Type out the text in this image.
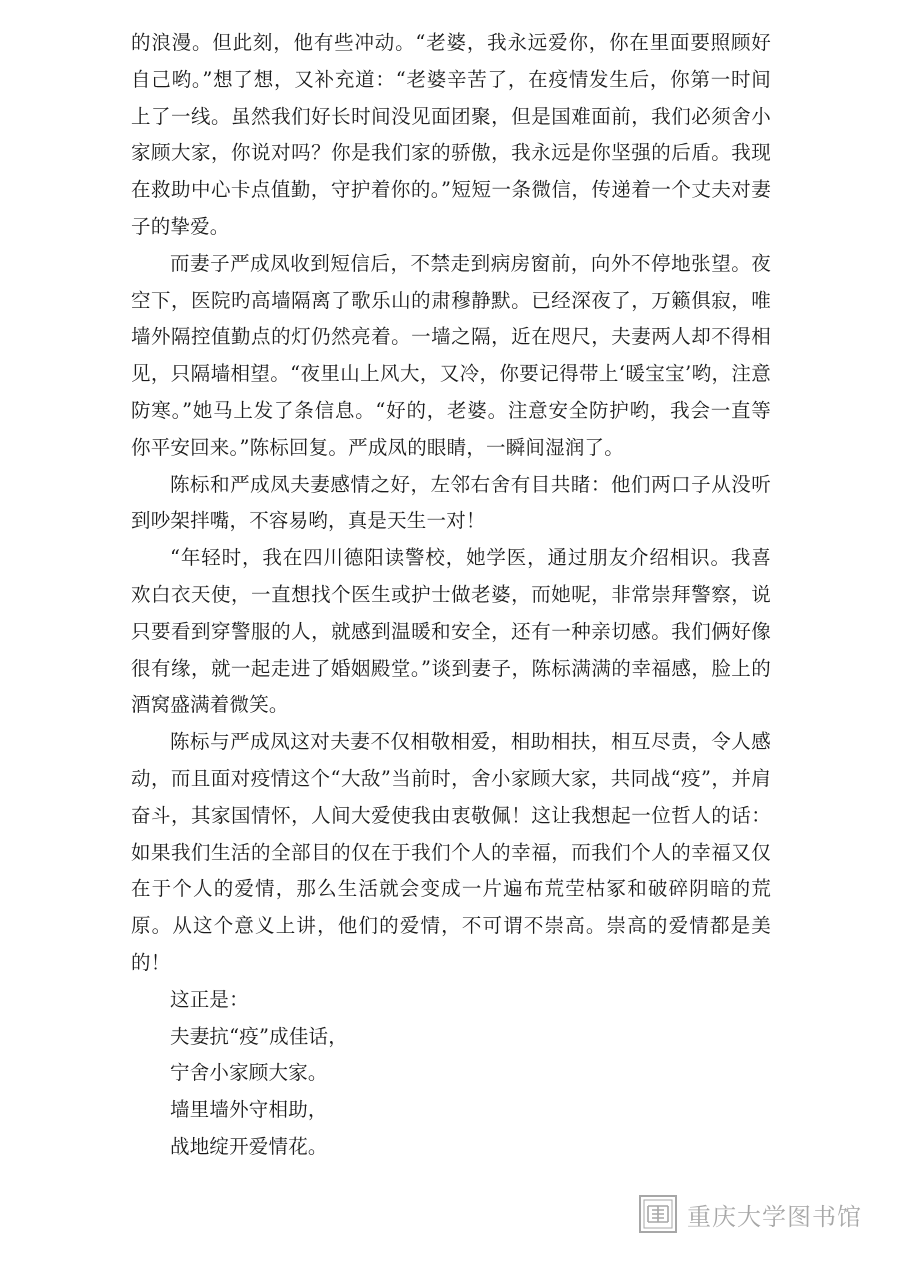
的浪漫。但此刻，他有些冲动。“老婆，我永远爱你，你在里面要照顾好自己哟。”想了想，又补充道：“老婆辛苦了，在疫情发生后，你第一时间上了一线。虽然我们好长时间没见面团聚，但是国难面前，我们必须舍小家顾大家，你说对吗？你是我们家的骄傲，我永远是你坚强的后盾。我现在救助中心卡点值勤，守护着你的。”短短一条微信，传递着一个丈夫对妻子的挚爱。

而妻子严成凤收到短信后，不禁走到病房窗前，向外不停地张望。夜空下，医院旳高墙隔离了歌乐山的肃穆静默。已经深夜了，万籁俱寂，唯墙外隔控值勤点的灯仍然亮着。一墙之隔，近在咫尺，夫妻两人却不得相见，只隔墙相望。“夜里山上风大，又冷，你要记得带上‘暖宝宝’哟，注意防寒。”她马上发了条信息。“好的，老婆。注意安全防护哟，我会一直等你平安回来。”陈标回复。严成凤的眼睛，一瞬间湿润了。

陈标和严成凤夫妻感情之好，左邻右舍有目共睹：他们两口子从没听到吵架拌嘴，不容易哟，真是天生一对！

“年轻时，我在四川德阳读警校，她学医，通过朋友介绍相识。我喜欢白衣天使，一直想找个医生或护士做老婆，而她呢，非常崇拜警察，说只要看到穿警服的人，就感到温暖和安全，还有一种亲切感。我们俩好像很有缘，就一起走进了婚姻殿堂。”谈到妻子，陈标满满的幸福感，脸上的酒窝盛满着微笑。

陈标与严成凤这对夫妻不仅相敬相爱，相助相扶，相互尽责，令人感动，而且面对疫情这个“大敌”当前时，舍小家顾大家，共同战“疫”，并肩奋斗，其家国情怀，人间大爱使我由衷敬佩！这让我想起一位哲人的话：如果我们生活的全部目的仅在于我们个人的幸福，而我们个人的幸福又仅在于个人的爱情，那么生活就会变成一片遍布荒茔枯冢和破碎阴暗的荒原。从这个意义上讲，他们的爱情，不可谓不崇高。崇高的爱情都是美的！

这正是：
夫妻抗“疫”成佳话，
宁舍小家顾大家。
墙里墙外守相助，
战地绽开爱情花。
重庆大学图书馆
